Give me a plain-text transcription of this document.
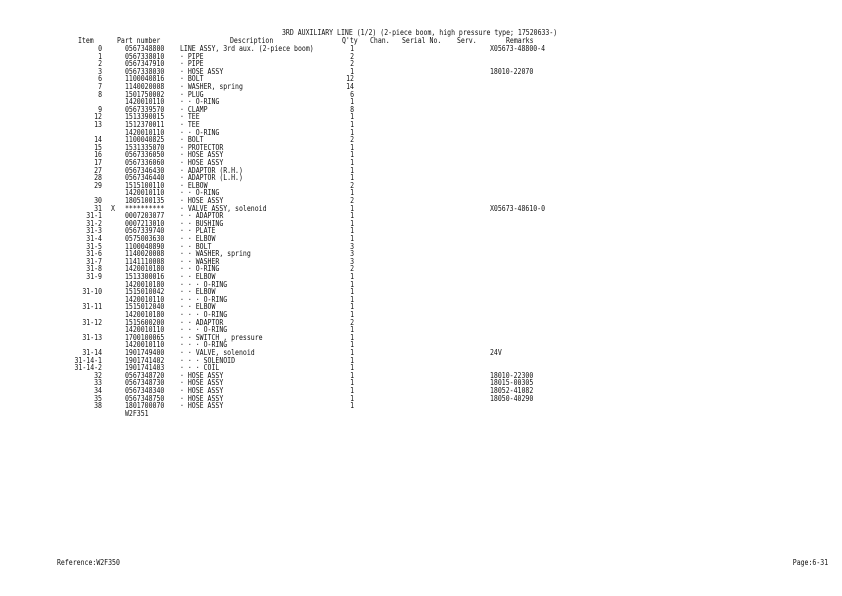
3RD AUXILIARY LINE (1/2) (2-piece boom, high pressure type; 17520633-)
Item	Part number	Description	Q'ty Chan. Serial No. Serv.	Remarks
0	0567348800	LINE ASSY, 3rd aux. (2-piece boom)	1	X05673-48800-4
1	0567338010	· PIPE	2
2	0567347910	· PIPE	2
3	0567338030	· HOSE ASSY	1	18010-22070
6	1100040816	· BOLT	12
7	1140020008	· WASHER, spring	14
8	1501750002	· PLUG	6
1420010110	· · O-RING	1
9	0567339570	· CLAMP	8
12	1513390015	· TEE	1
13	1512370011	· TEE	1
1420010110	· · O-RING	1
14	1100040825	· BOLT	2
15	1531335070	· PROTECTOR	1
16	0567336050	· HOSE ASSY	1
17	0567336060	· HOSE ASSY	1
27	0567346430	· ADAPTOR (R.H.)	1
28	0567346440	· ADAPTOR (L.H.)	1
29	1515100110	· ELBOW	2
1420010110	· · O-RING	1
30	1805100135	· HOSE ASSY	2
31 X	**********	· VALVE ASSY, solenoid	1	X05673-48610-0
31-1	0007203077	· · ADAPTOR	1
31-2	0007213010	· · BUSHING	1
31-3	0567339740	· · PLATE	1
31-4	0575003630	· · ELBOW	1
31-5	1100040890	· · BOLT	3
31-6	1140020008	· · WASHER, spring	3
31-7	1141110008	· · WASHER	3
31-8	1420010180	· · O-RING	2
31-9	1513300016	· · ELBOW	1
1420010180	· · · O-RING	1
31-10	1515010042	· · ELBOW	1
1420010110	· · · O-RING	1
31-11	1515012040	· · ELBOW	1
1420010180	· · · O-RING	1
31-12	1515600200	· · ADAPTOR	2
1420010110	· · · O-RING	1
31-13	1700100065	· · SWITCH , pressure	1
1420010110	· · · O-RING	1
31-14	1901749400	· · VALVE, solenoid	1	24V
31-14-1	1901741402	· · · SOLENOID	1
31-14-2	1901741403	· · · COIL	1
32	0567348720	· HOSE ASSY	1	18010-22300
33	0567348730	· HOSE ASSY	1	18015-00305
34	0567348340	· HOSE ASSY	1	18052-41082
35	0567348750	· HOSE ASSY	1	18050-40290
38	1801700070	· HOSE ASSY	1
W2F351
Reference:W2F350	Page:6-31
